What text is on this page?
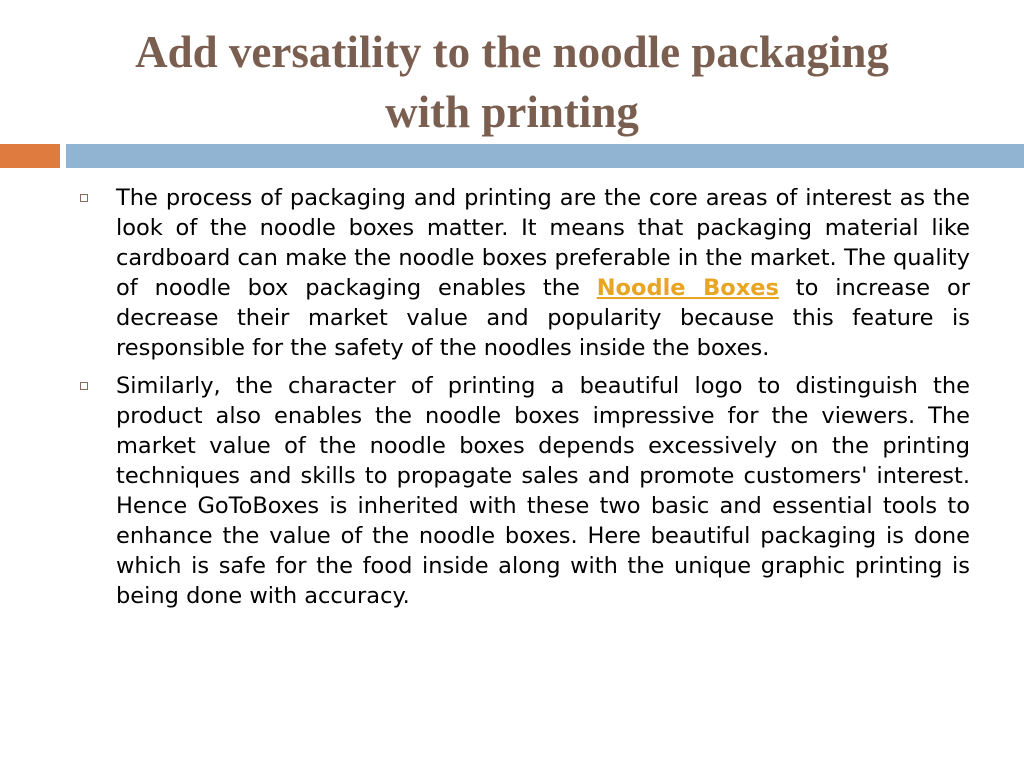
Add versatility to the noodle packaging
with printing
The process of packaging and printing are the core areas of interest as the look of the noodle boxes matter. It means that packaging material like cardboard can make the noodle boxes preferable in the market. The quality of noodle box packaging enables the Noodle Boxes to increase or decrease their market value and popularity because this feature is responsible for the safety of the noodles inside the boxes.
Similarly, the character of printing a beautiful logo to distinguish the product also enables the noodle boxes impressive for the viewers. The market value of the noodle boxes depends excessively on the printing techniques and skills to propagate sales and promote customers' interest. Hence GoToBoxes is inherited with these two basic and essential tools to enhance the value of the noodle boxes. Here beautiful packaging is done which is safe for the food inside along with the unique graphic printing is being done with accuracy.
